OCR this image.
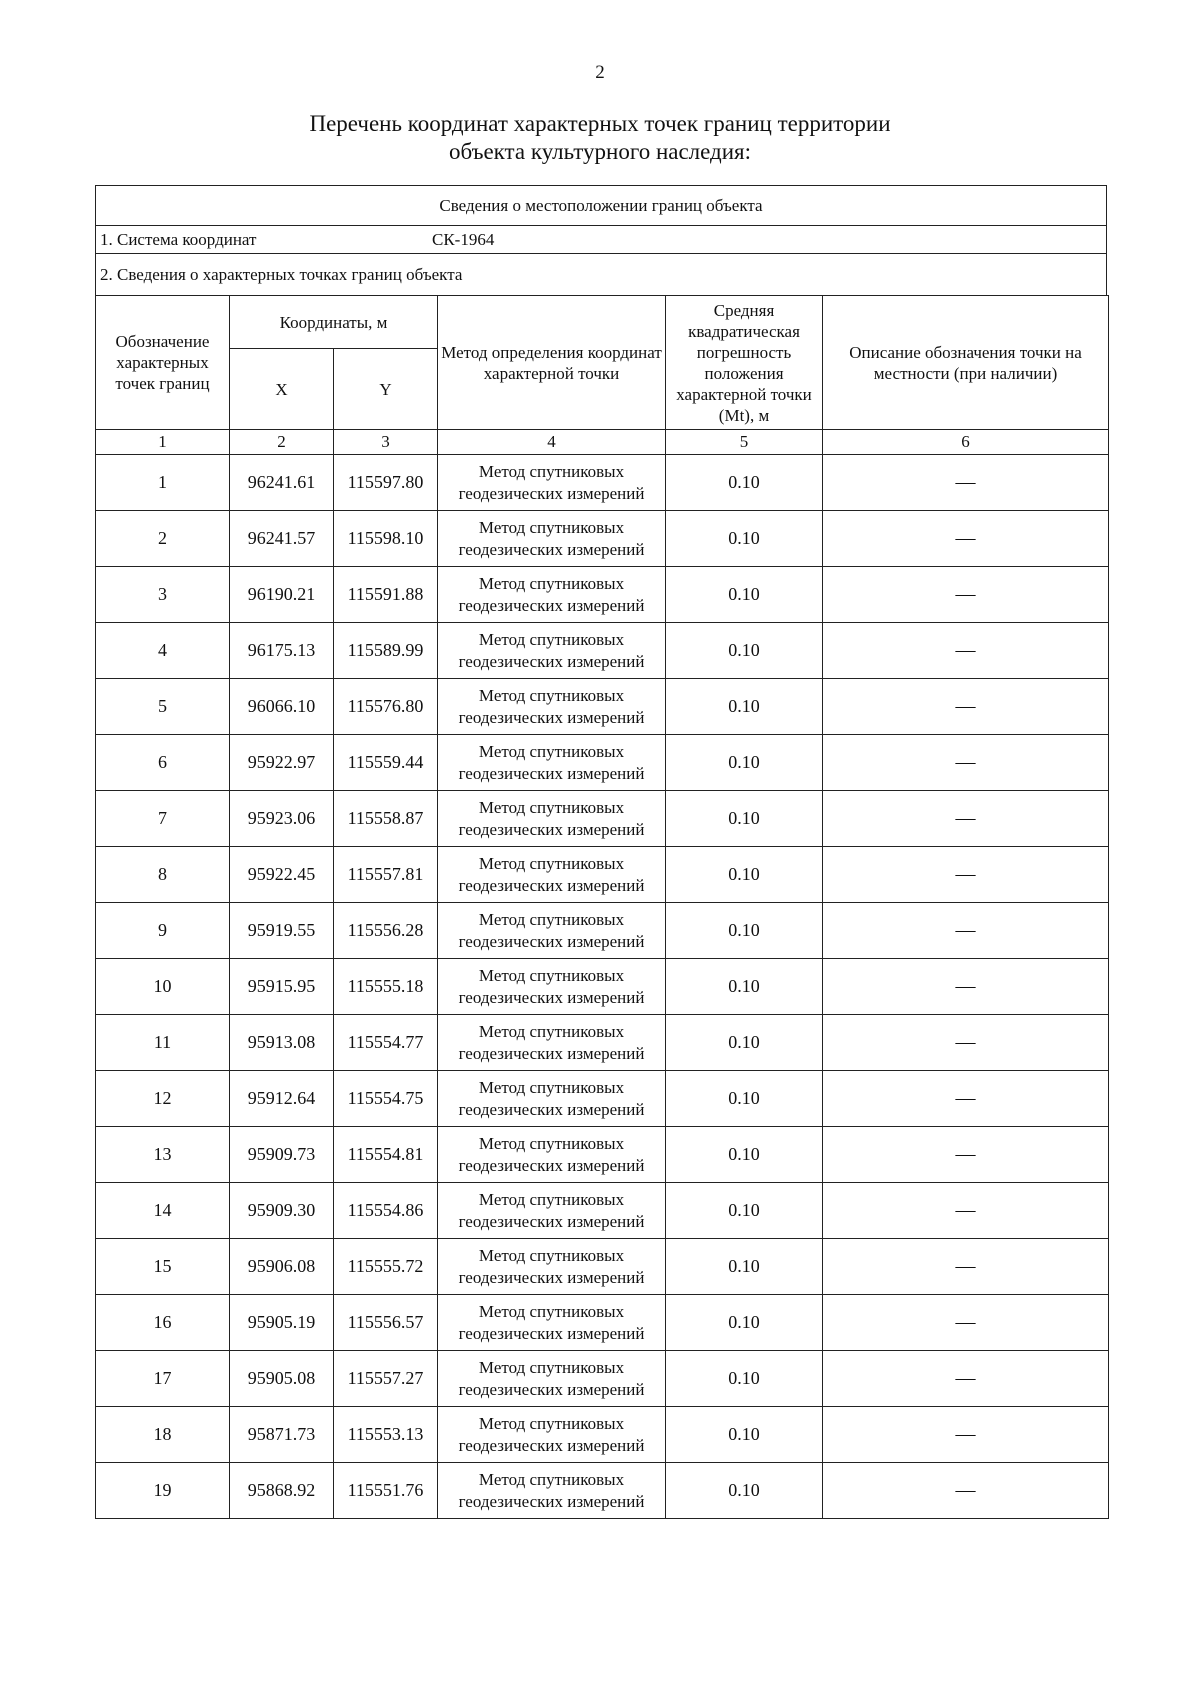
2
Перечень координат характерных точек границ территории
объекта культурного наследия:
Сведения о местоположении границ объекта
1. Система координат	СК-1964
2. Сведения о характерных точках границ объекта
Обозначение характерных точек границ	Координаты, м		Метод определения координат характерной точки	Средняя квадратическая погрешность положения характерной точки (Mt), м	Описание обозначения точки на местности (при наличии)
	X	Y			
1	2	3	4	5	6
1	96241.61	115597.80	Метод спутниковых геодезических измерений	0.10	—
2	96241.57	115598.10	Метод спутниковых геодезических измерений	0.10	—
3	96190.21	115591.88	Метод спутниковых геодезических измерений	0.10	—
4	96175.13	115589.99	Метод спутниковых геодезических измерений	0.10	—
5	96066.10	115576.80	Метод спутниковых геодезических измерений	0.10	—
6	95922.97	115559.44	Метод спутниковых геодезических измерений	0.10	—
7	95923.06	115558.87	Метод спутниковых геодезических измерений	0.10	—
8	95922.45	115557.81	Метод спутниковых геодезических измерений	0.10	—
9	95919.55	115556.28	Метод спутниковых геодезических измерений	0.10	—
10	95915.95	115555.18	Метод спутниковых геодезических измерений	0.10	—
11	95913.08	115554.77	Метод спутниковых геодезических измерений	0.10	—
12	95912.64	115554.75	Метод спутниковых геодезических измерений	0.10	—
13	95909.73	115554.81	Метод спутниковых геодезических измерений	0.10	—
14	95909.30	115554.86	Метод спутниковых геодезических измерений	0.10	—
15	95906.08	115555.72	Метод спутниковых геодезических измерений	0.10	—
16	95905.19	115556.57	Метод спутниковых геодезических измерений	0.10	—
17	95905.08	115557.27	Метод спутниковых геодезических измерений	0.10	—
18	95871.73	115553.13	Метод спутниковых геодезических измерений	0.10	—
19	95868.92	115551.76	Метод спутниковых геодезических измерений	0.10	—
